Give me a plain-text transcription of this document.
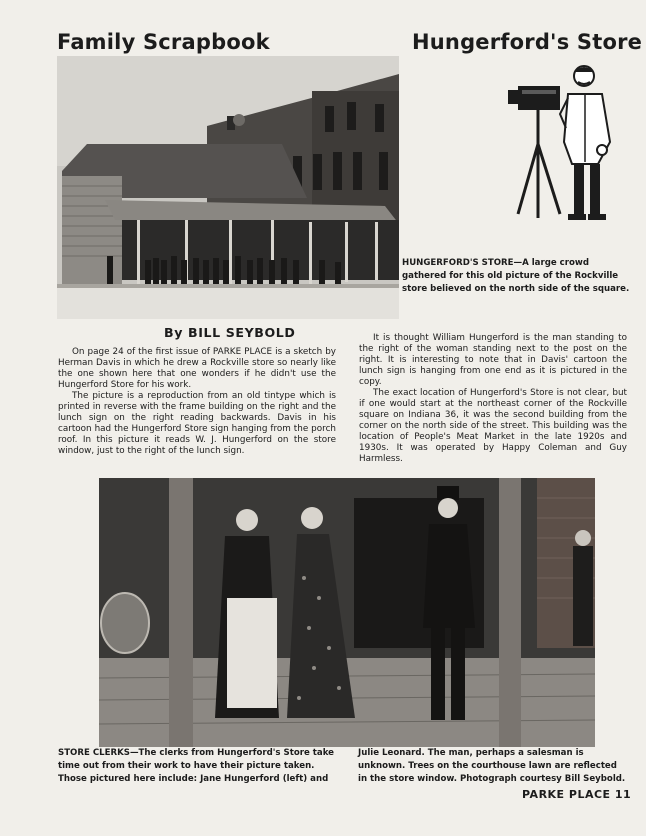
Family Scrapbook	Hungerford's Store
HUNGERFORD'S STORE—A large crowd gathered for this old picture of the Rockville store believed on the north side of the square.
By BILL SEYBOLD

On page 24 of the first issue of PARKE PLACE is a sketch by Herman Davis in which he drew a Rockville store so nearly like the one shown here that one wonders if he didn't use the Hungerford Store for his work.

The picture is a reproduction from an old tintype which is printed in reverse with the frame building on the right and the lunch sign on the right reading backwards. Davis in his cartoon had the Hungerford Store sign hanging from the porch roof. In this picture it reads W. J. Hungerford on the store window, just to the right of the lunch sign.

It is thought William Hungerford is the man standing to the right of the woman standing next to the post on the right. It is interesting to note that in Davis' cartoon the lunch sign is hanging from one end as it is pictured in the copy.

The exact location of Hungerford's Store is not clear, but if one would start at the northeast corner of the Rockville square on Indiana 36, it was the second building from the corner on the north side of the street. This building was the location of People's Meat Market in the late 1920s and 1930s. It was operated by Happy Coleman and Guy Harmless.

STORE CLERKS—The clerks from Hungerford's Store take time out from their work to have their picture taken. Those pictured here include: Jane Hungerford (left) and
Julie Leonard. The man, perhaps a salesman is unknown. Trees on the courthouse lawn are reflected in the store window. Photograph courtesy Bill Seybold.
PARKE PLACE 11
